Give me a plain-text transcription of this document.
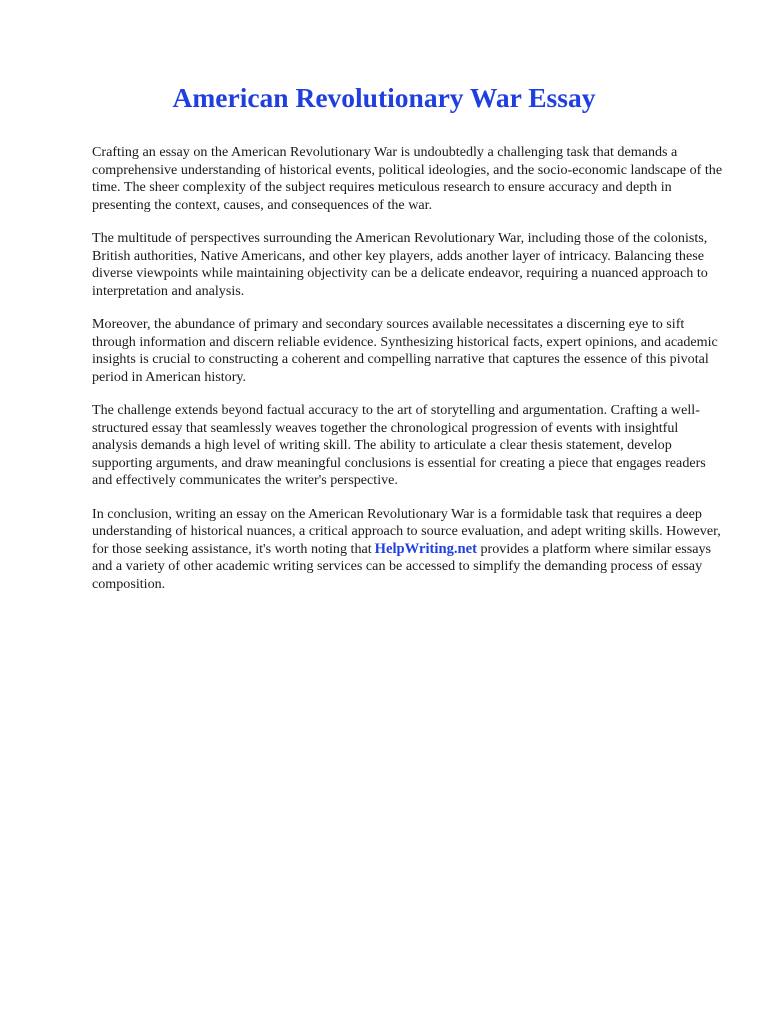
American Revolutionary War Essay

Crafting an essay on the American Revolutionary War is undoubtedly a challenging task that demands a comprehensive understanding of historical events, political ideologies, and the socio-economic landscape of the time. The sheer complexity of the subject requires meticulous research to ensure accuracy and depth in presenting the context, causes, and consequences of the war.

The multitude of perspectives surrounding the American Revolutionary War, including those of the colonists, British authorities, Native Americans, and other key players, adds another layer of intricacy. Balancing these diverse viewpoints while maintaining objectivity can be a delicate endeavor, requiring a nuanced approach to interpretation and analysis.

Moreover, the abundance of primary and secondary sources available necessitates a discerning eye to sift through information and discern reliable evidence. Synthesizing historical facts, expert opinions, and academic insights is crucial to constructing a coherent and compelling narrative that captures the essence of this pivotal period in American history.

The challenge extends beyond factual accuracy to the art of storytelling and argumentation. Crafting a well-structured essay that seamlessly weaves together the chronological progression of events with insightful analysis demands a high level of writing skill. The ability to articulate a clear thesis statement, develop supporting arguments, and draw meaningful conclusions is essential for creating a piece that engages readers and effectively communicates the writer's perspective.

In conclusion, writing an essay on the American Revolutionary War is a formidable task that requires a deep understanding of historical nuances, a critical approach to source evaluation, and adept writing skills. However, for those seeking assistance, it's worth noting that HelpWriting.net provides a platform where similar essays and a variety of other academic writing services can be accessed to simplify the demanding process of essay composition.
